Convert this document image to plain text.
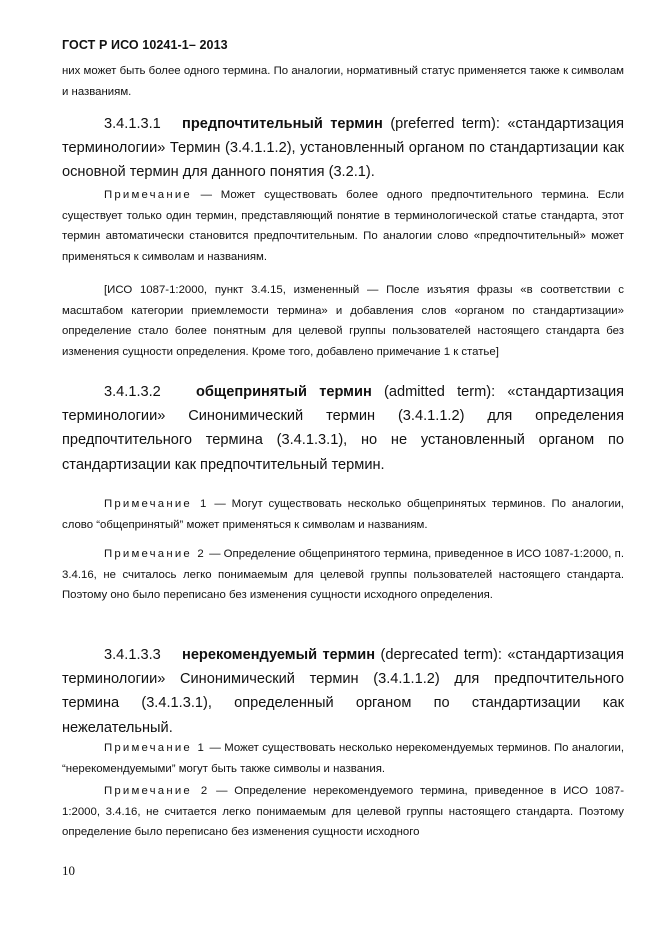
ГОСТ Р ИСО 10241-1– 2013

них может быть более одного термина. По аналогии, нормативный статус применяется также к символам и названиям.

3.4.1.3.1 предпочтительный термин (preferred term): «стандартизация терминологии» Термин (3.4.1.1.2), установленный органом по стандартизации как основной термин для данного понятия (3.2.1).

Примечание — Может существовать более одного предпочтительного термина. Если существует только один термин, представляющий понятие в терминологической статье стандарта, этот термин автоматически становится предпочтительным. По аналогии слово «предпочтительный» может применяться к символам и названиям.

[ИСО 1087-1:2000, пункт 3.4.15, измененный — После изъятия фразы «в соответствии с масштабом категории приемлемости термина» и добавления слов «органом по стандартизации» определение стало более понятным для целевой группы пользователей настоящего стандарта без изменения сущности определения. Кроме того, добавлено примечание 1 к статье]

3.4.1.3.2 общепринятый термин (admitted term): «стандартизация терминологии» Синонимический термин (3.4.1.1.2) для определения предпочтительного термина (3.4.1.3.1), но не установленный органом по стандартизации как предпочтительный термин.

Примечание 1 — Могут существовать несколько общепринятых терминов. По аналогии, слово “общепринятый” может применяться к символам и названиям.

Примечание 2 — Определение общепринятого термина, приведенное в ИСО 1087-1:2000, п. 3.4.16, не считалось легко понимаемым для целевой группы пользователей настоящего стандарта. Поэтому оно было переписано без изменения сущности исходного определения.

3.4.1.3.3 нерекомендуемый термин (deprecated term): «стандартизация терминологии» Синонимический термин (3.4.1.1.2) для предпочтительного термина (3.4.1.3.1), определенный органом по стандартизации как нежелательный.

Примечание 1 — Может существовать несколько нерекомендуемых терминов. По аналогии, “нерекомендуемыми” могут быть также символы и названия.

Примечание 2 — Определение нерекомендуемого термина, приведенное в ИСО 1087-1:2000, 3.4.16, не считается легко понимаемым для целевой группы настоящего стандарта. Поэтому определение было переписано без изменения сущности исходного

10
